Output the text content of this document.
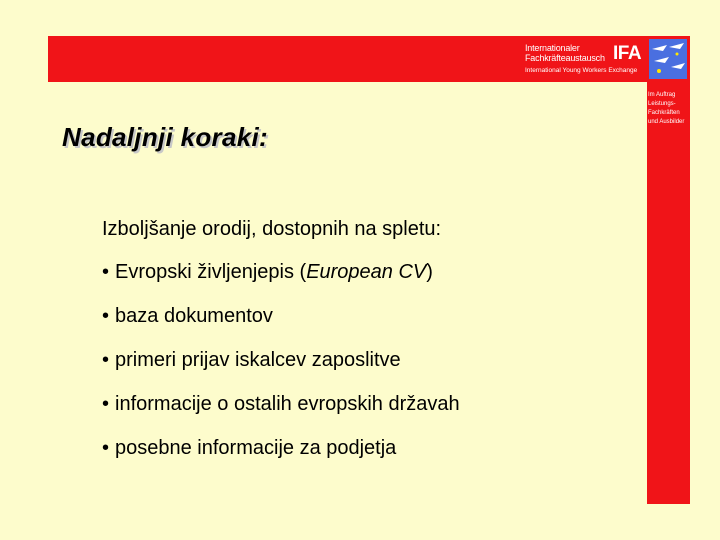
Internationaler
Fachkräfteaustausch
International Young Workers Exchange
IFA
Im Auftrag
Leistungs-
Fachkräften
und Ausbilder
Nadaljnji koraki:
Izboljšanje orodij, dostopnih na spletu:
• Evropski življenjepis (European CV)
• baza dokumentov
• primeri prijav iskalcev zaposlitve
• informacije o ostalih evropskih državah
• posebne informacije za podjetja
